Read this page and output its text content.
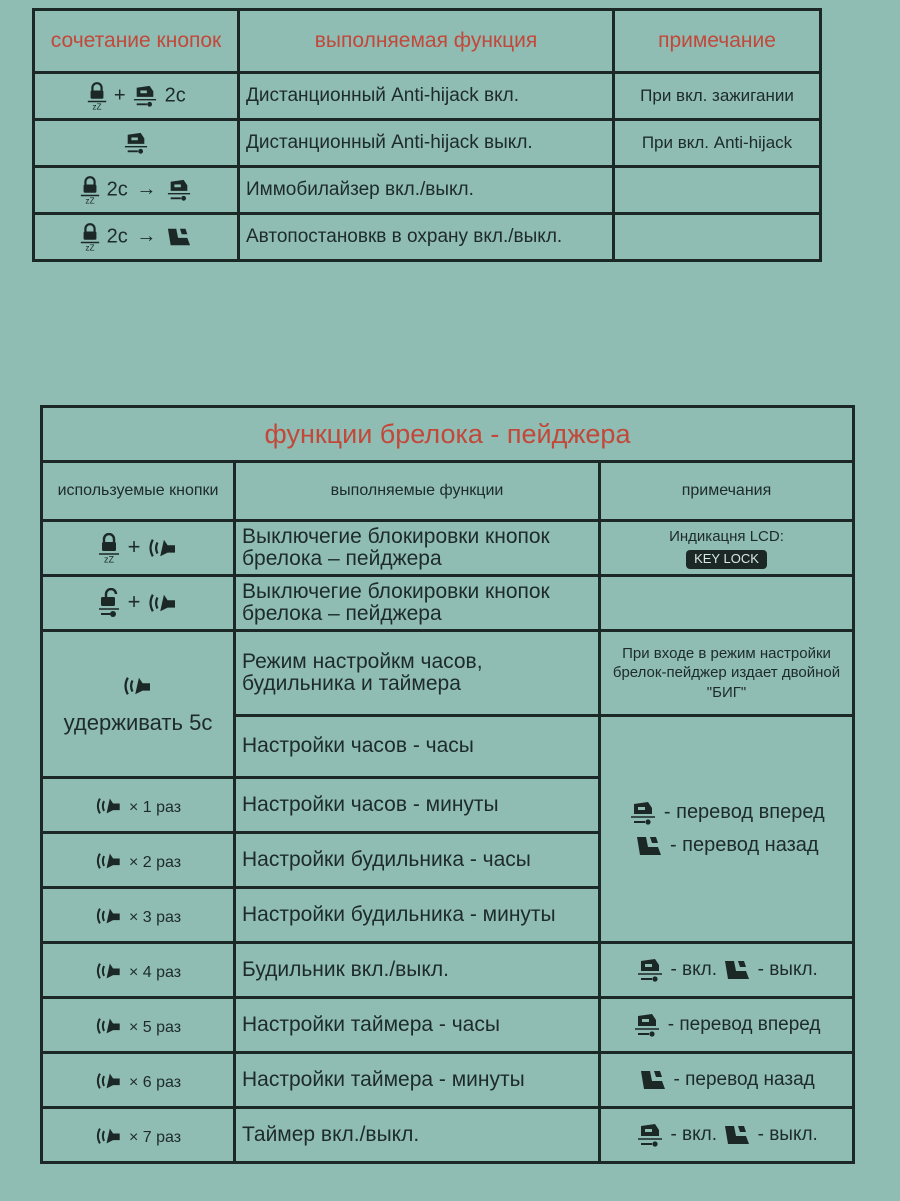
сочетание кнопок	выполняемая функция	примечание

+ 2с	Дистанционный Anti-hijack вкл.	При вкл. зажигании

	Дистанционный Anti-hijack выкл.	При вкл. Anti-hijack

2с →	Иммобилайзер вкл./выкл.	

2с →	Автопостановкв в охрану вкл./выкл.	
функции брелока - пейджера		
используемые кнопки	выполняемые функции	примечания

+	Выключегие блокировки кнопок брелока – пейджера	Индикацня LCD:
KEY LOCK

+	Выключегие блокировки кнопок брелока – пейджера	

удерживать 5с	Режим настройкм часов, будильника и таймера	При входе в режим настройки брелок-пейджер издает двойной "БИГ"
	Настройки часов - часы	- перевод вперед
- перевод назад

× 1 раз	Настройки часов - минуты	

× 2 раз	Настройки будильника - часы	

× 3 раз	Настройки будильника - минуты	

× 4 раз	Будильник вкл./выкл.	- вкл. - выкл.

× 5 раз	Настройки таймера - часы	- перевод вперед

× 6 раз	Настройки таймера - минуты	- перевод назад

× 7 раз	Таймер вкл./выкл.	- вкл. - выкл.
